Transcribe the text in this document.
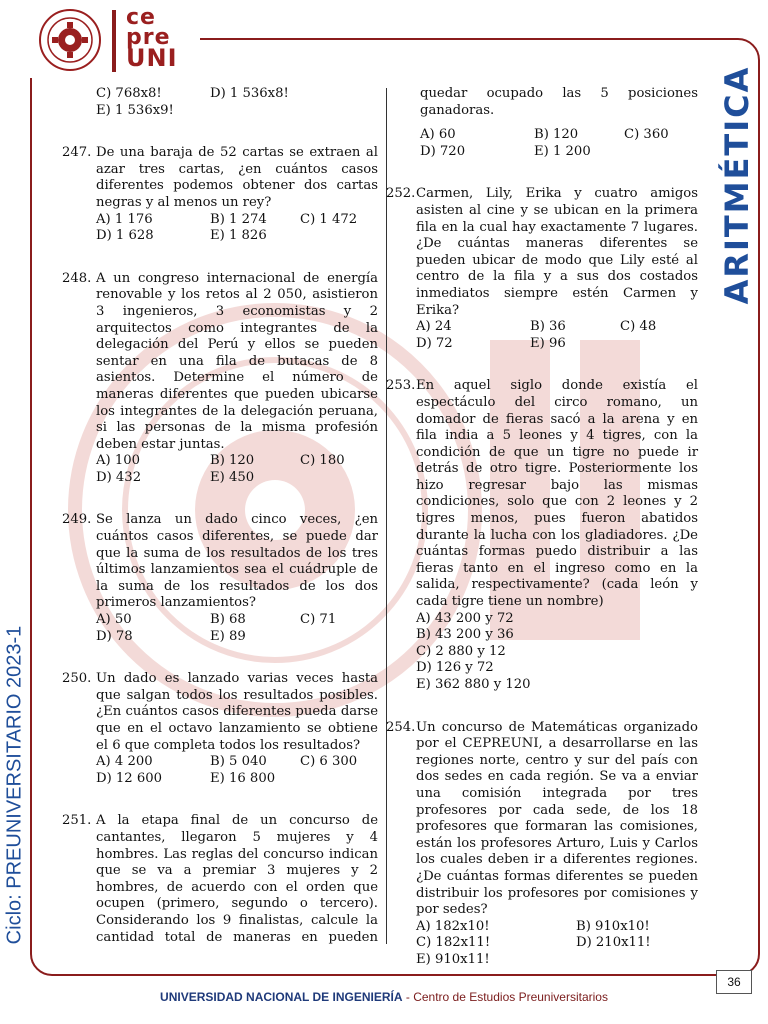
ce
pre
UNI
ARITMÉTICA
Ciclo: PREUNIVERSITARIO 2023-1
C) 768x8!	D) 1 536x8!
E) 1 536x9!
247. De una baraja de 52 cartas se extraen al azar tres cartas, ¿en cuántos casos diferentes podemos obtener dos cartas negras y al menos un rey?
A) 1 176	B) 1 274	C) 1 472
D) 1 628	E) 1 826
248. A un congreso internacional de energía renovable y los retos al 2 050, asistieron 3 ingenieros, 3 economistas y 2 arquitectos como integrantes de la delegación del Perú y ellos se pueden sentar en una fila de butacas de 8 asientos. Determine el número de maneras diferentes que pueden ubicarse los integrantes de la delegación peruana, si las personas de la misma profesión deben estar juntas.
A) 100	B) 120	C) 180
D) 432	E) 450
249. Se lanza un dado cinco veces, ¿en cuántos casos diferentes, se puede dar que la suma de los resultados de los tres últimos lanzamientos sea el cuádruple de la suma de los resultados de los dos primeros lanzamientos?
A) 50	B) 68	C) 71
D) 78	E) 89
250. Un dado es lanzado varias veces hasta que salgan todos los resultados posibles. ¿En cuántos casos diferentes pueda darse que en el octavo lanzamiento se obtiene el 6 que completa todos los resultados?
A) 4 200	B) 5 040	C) 6 300
D) 12 600	E) 16 800
251. A la etapa final de un concurso de cantantes, llegaron 5 mujeres y 4 hombres. Las reglas del concurso indican que se va a premiar 3 mujeres y 2 hombres, de acuerdo con el orden que ocupen (primero, segundo o tercero). Considerando los 9 finalistas, calcule la cantidad total de maneras en pueden
quedar ocupado las 5 posiciones
ganadoras.
A) 60	B) 120	C) 360
D) 720	E) 1 200
252. Carmen, Lily, Erika y cuatro amigos asisten al cine y se ubican en la primera fila en la cual hay exactamente 7 lugares. ¿De cuántas maneras diferentes se pueden ubicar de modo que Lily esté al centro de la fila y a sus dos costados inmediatos siempre estén Carmen y Erika?
A) 24	B) 36	C) 48
D) 72	E) 96
253. En aquel siglo donde existía el espectáculo del circo romano, un domador de fieras sacó a la arena y en fila india a 5 leones y 4 tigres, con la condición de que un tigre no puede ir detrás de otro tigre. Posteriormente los hizo regresar bajo las mismas condiciones, solo que con 2 leones y 2 tigres menos, pues fueron abatidos durante la lucha con los gladiadores. ¿De cuántas formas puedo distribuir a las fieras tanto en el ingreso como en la salida, respectivamente? (cada león y cada tigre tiene un nombre)
A) 43 200 y 72
B) 43 200 y 36
C) 2 880 y 12
D) 126 y 72
E) 362 880 y 120
254. Un concurso de Matemáticas organizado por el CEPREUNI, a desarrollarse en las regiones norte, centro y sur del país con dos sedes en cada región. Se va a enviar una comisión integrada por tres profesores por cada sede, de los 18 profesores que formaran las comisiones, están los profesores Arturo, Luis y Carlos los cuales deben ir a diferentes regiones. ¿De cuántas formas diferentes se pueden distribuir los profesores por comisiones y por sedes?
A) 182x10!	B) 910x10!
C) 182x11!	D) 210x11!
E) 910x11!
36
UNIVERSIDAD NACIONAL DE INGENIERÍA - Centro de Estudios Preuniversitarios
